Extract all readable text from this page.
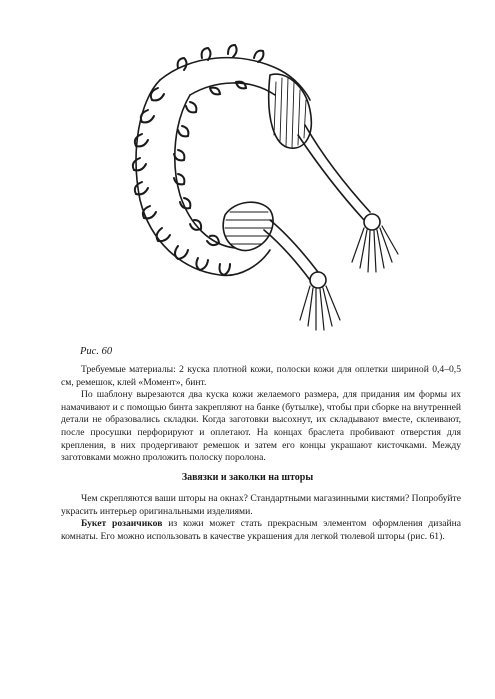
Рис. 60

Требуемые материалы: 2 куска плотной кожи, полоски кожи для оплетки шириной 0,4–0,5 см, ремешок, клей «Момент», бинт.

По шаблону вырезаются два куска кожи желаемого размера, для придания им формы их намачивают и с помощью бинта закрепляют на банке (бутылке), чтобы при сборке на внутренней детали не образовались складки. Когда заготовки высохнут, их складывают вместе, склеивают, после просушки перфорируют и оплетают. На концах браслета пробивают отверстия для крепления, в них продергивают ремешок и затем его концы украшают кисточками. Между заготовками можно проложить полоску поролона.

Завязки и заколки на шторы

Чем скрепляются ваши шторы на окнах? Стандартными магазинными кистями? Попробуйте украсить интерьер оригинальными изделиями.

Букет розаичиков из кожи может стать прекрасным элементом оформления дизайна комнаты. Его можно использовать в качестве украшения для легкой тюлевой шторы (рис. 61).
